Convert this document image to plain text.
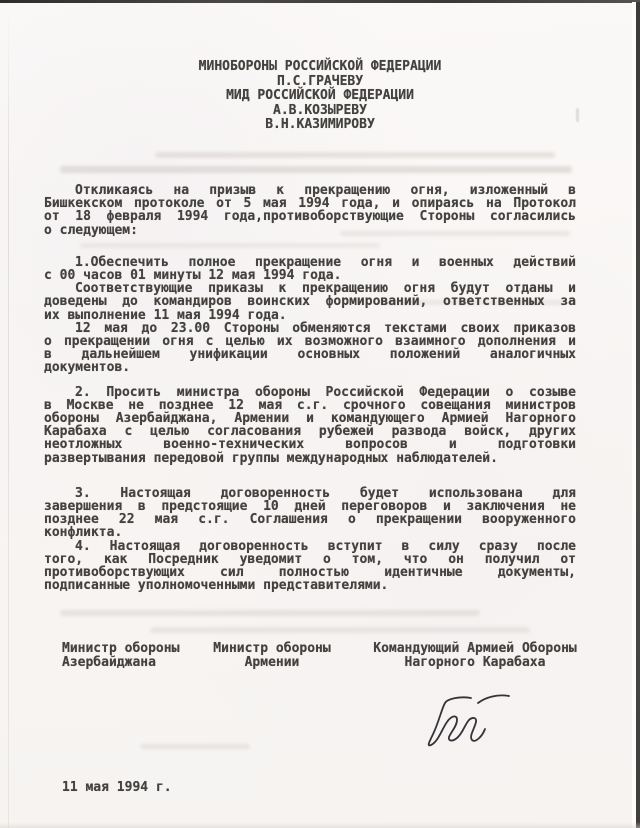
МИНОБОРОНЫ РОССИЙСКОЙ ФЕДЕРАЦИИ
П.С.ГРАЧЕВУ
МИД РОССИЙСКОЙ ФЕДЕРАЦИИ
А.В.КОЗЫРЕВУ
В.Н.КАЗИМИРОВУ
Откликаясь на призыв к прекращению огня, изложенный в
Бишкекском протоколе от 5 мая 1994 года, и опираясь на Протокол
от 18 февраля 1994 года,противоборствующие Стороны согласились
о следующем:
1.Обеспечить полное прекращение огня и военных действий
с 00 часов 01 минуты 12 мая 1994 года.
Соответствующие приказы к прекращению огня будут отданы и
доведены до командиров воинских формирований, ответственных за
их выполнение 11 мая 1994 года.
12 мая до 23.00 Стороны обменяются текстами своих приказов
о прекращении огня с целью их возможного взаимного дополнения и
в дальнейшем унификации основных положений аналогичных
документов.
2. Просить министра обороны Российской Федерации о созыве
в Москве не позднее 12 мая с.г. срочного совещания министров
обороны Азербайджана, Армении и командующего Армией Нагорного
Карабаха с целью согласования рубежей развода войск, других
неотложных военно-технических вопросов и подготовки
развертывания передовой группы международных наблюдателей.
3. Настоящая договоренность будет использована для
завершения в предстоящие 10 дней переговоров и заключения не
позднее 22 мая с.г. Соглашения о прекращении вооруженного
конфликта.
4. Настоящая договоренность вступит в силу сразу после
того, как Посредник уведомит о том, что он получил от
противоборствующих сил полностью идентичные документы,
подписанные уполномоченными представителями.
Министр обороны
Азербайджана
Министр обороны
Армении
Командующий Армией Обороны
Нагорного Карабаха
11 мая 1994 г.
